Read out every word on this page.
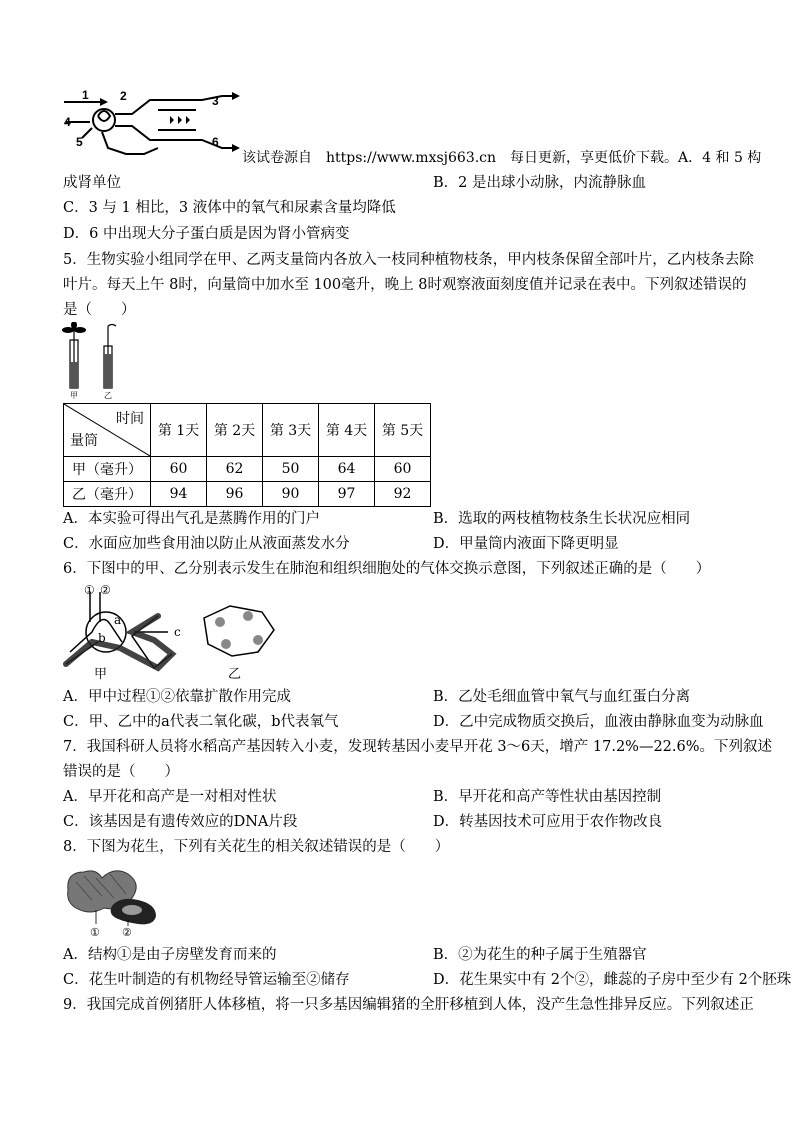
1	2	3
4
5	6
该试卷源自　https://www.mxsj663.cn　每日更新，享更低价下载。A．4 和 5 构
成肾单位	B．2 是出球小动脉，内流静脉血
C．3 与 1 相比，3 液体中的氧气和尿素含量均降低
D．6 中出现大分子蛋白质是因为肾小管病变
5．生物实验小组同学在甲、乙两支量筒内各放入一枝同种植物枝条，甲内枝条保留全部叶片，乙内枝条去除
叶片。每天上午 8时，向量筒中加水至 100毫升，晚上 8时观察液面刻度值并记录在表中。下列叙述错误的
是（　　）
甲	乙
时间
量筒	第 1天	第 2天	第 3天	第 4天	第 5天
甲（毫升）	60	62	50	64	60
乙（毫升）	94	96	90	97	92
A．本实验可得出气孔是蒸腾作用的门户	B．选取的两枝植物枝条生长状况应相同
C．水面应加些食用油以防止从液面蒸发水分	D．甲量筒内液面下降更明显
6．下图中的甲、乙分别表示发生在肺泡和组织细胞处的气体交换示意图，下列叙述正确的是（　　）
① ②
a
b	c
甲	乙
A．甲中过程①②依靠扩散作用完成	B．乙处毛细血管中氧气与血红蛋白分离
C．甲、乙中的a代表二氧化碳，b代表氧气	D．乙中完成物质交换后，血液由静脉血变为动脉血
7．我国科研人员将水稻高产基因转入小麦，发现转基因小麦早开花 3～6天，增产 17.2%—22.6%。下列叙述
错误的是（　　）
A．早开花和高产是一对相对性状	B．早开花和高产等性状由基因控制
C．该基因是有遗传效应的DNA片段	D．转基因技术可应用于农作物改良
8．下图为花生，下列有关花生的相关叙述错误的是（　　）
① ②
A．结构①是由子房壁发育而来的	B．②为花生的种子属于生殖器官
C．花生叶制造的有机物经导管运输至②储存	D．花生果实中有 2个②，雌蕊的子房中至少有 2个胚珠
9．我国完成首例猪肝人体移植，将一只多基因编辑猪的全肝移植到人体，没产生急性排异反应。下列叙述正
